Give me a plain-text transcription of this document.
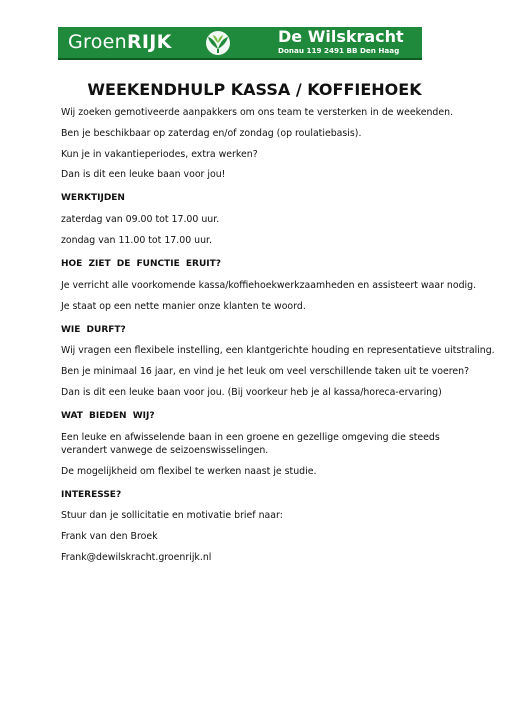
GroenRIJK	De Wilskracht
Donau 119 2491 BB Den Haag
WEEKENDHULP KASSA / KOFFIEHOEK
Wij zoeken gemotiveerde aanpakkers om ons team te versterken in de weekenden.
Ben je beschikbaar op zaterdag en/of zondag (op roulatiebasis).
Kun je in vakantieperiodes, extra werken?
Dan is dit een leuke baan voor jou!
WERKTIJDEN
zaterdag van 09.00 tot 17.00 uur.
zondag van 11.00 tot 17.00 uur.
HOE ZIET DE FUNCTIE ERUIT?
Je verricht alle voorkomende kassa/koffiehoekwerkzaamheden en assisteert waar nodig.
Je staat op een nette manier onze klanten te woord.
WIE DURFT?
Wij vragen een flexibele instelling, een klantgerichte houding en representatieve uitstraling.
Ben je minimaal 16 jaar, en vind je het leuk om veel verschillende taken uit te voeren?
Dan is dit een leuke baan voor jou. (Bij voorkeur heb je al kassa/horeca-ervaring)
WAT BIEDEN WIJ?
Een leuke en afwisselende baan in een groene en gezellige omgeving die steeds verandert vanwege de seizoenswisselingen.
De mogelijkheid om flexibel te werken naast je studie.
INTERESSE?
Stuur dan je sollicitatie en motivatie brief naar:
Frank van den Broek
Frank@dewilskracht.groenrijk.nl
